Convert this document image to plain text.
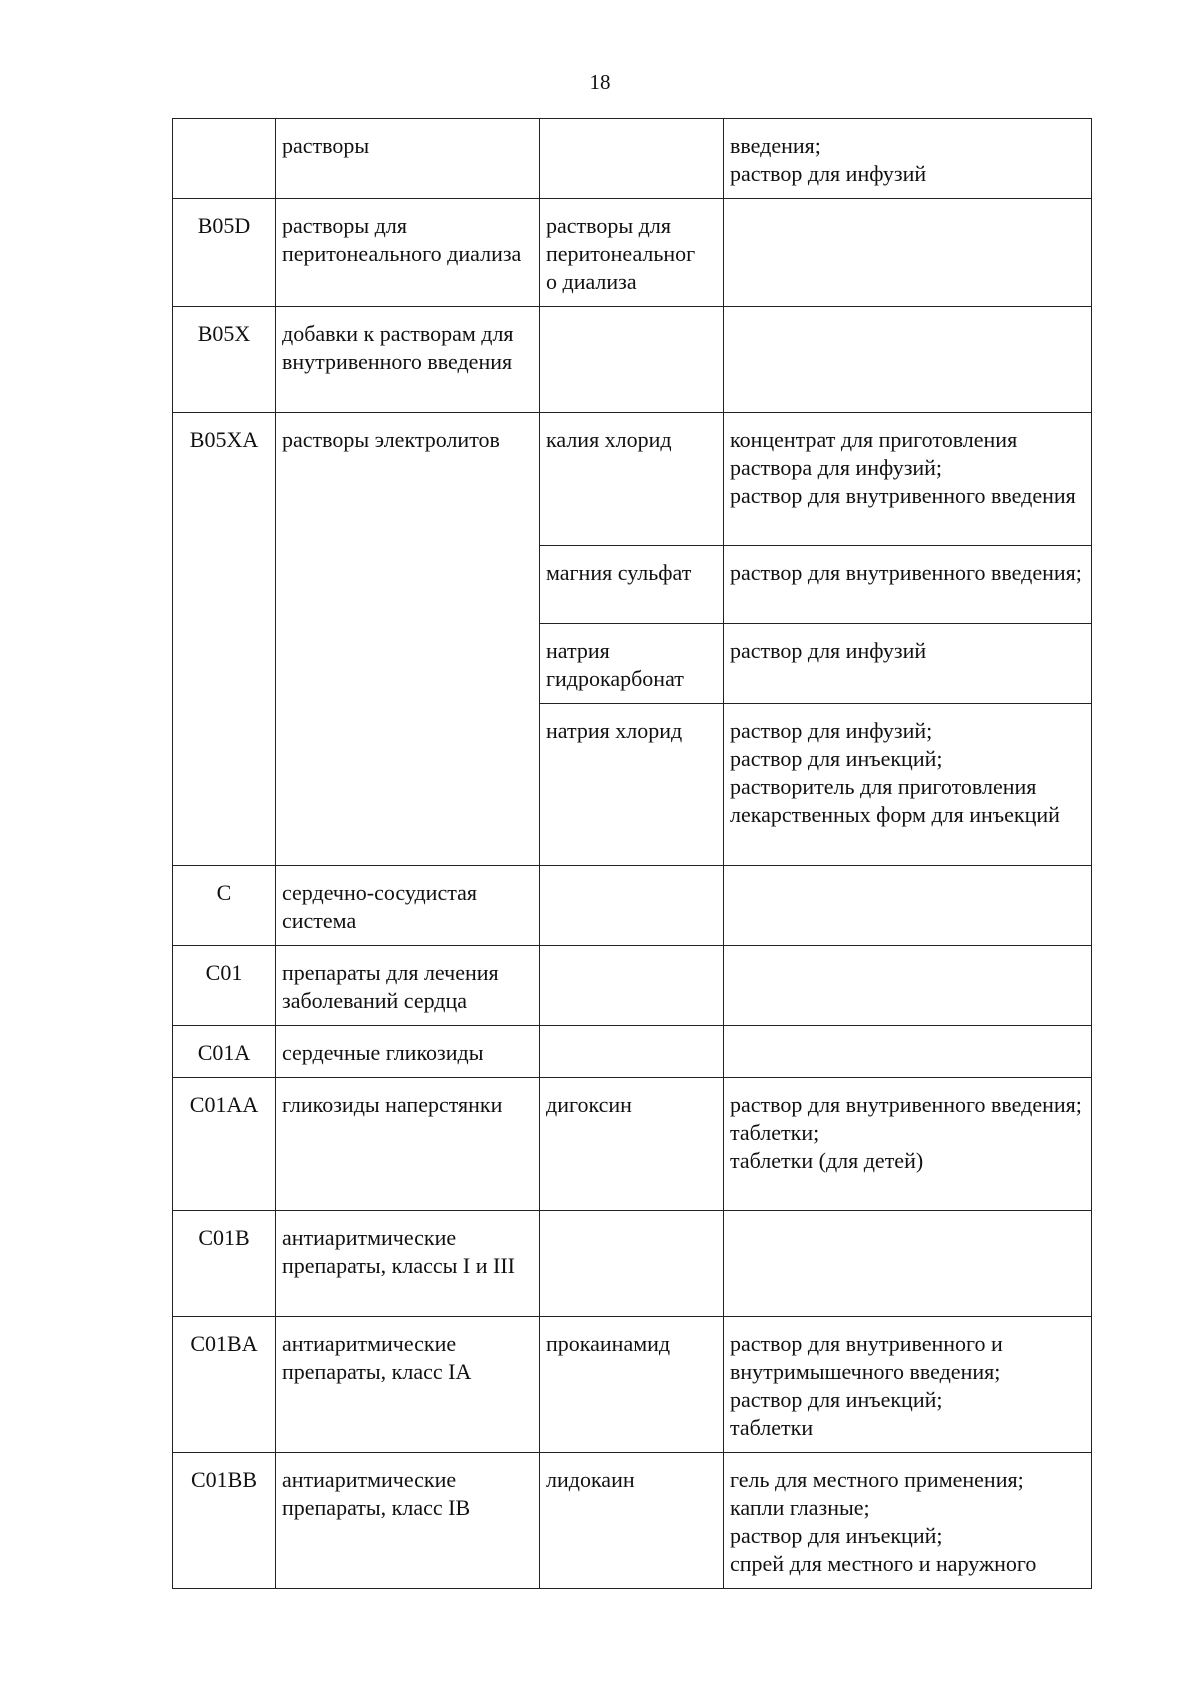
18
	растворы		введения;
раствор для инфузий
B05D	растворы для перитонеального диализа	растворы для перитонеальног
о диализа	
B05X	добавки к растворам для внутривенного введения		
B05XA	растворы электролитов	калия хлорид	концентрат для приготовления раствора для инфузий;
раствор для внутривенного введения
		магния сульфат	раствор для внутривенного введения;
		натрия гидрокарбонат	раствор для инфузий
		натрия хлорид	раствор для инфузий;
раствор для инъекций;
растворитель для приготовления лекарственных форм для инъекций
C	сердечно-сосудистая система		
C01	препараты для лечения заболеваний сердца		
C01A	сердечные гликозиды		
C01AA	гликозиды наперстянки	дигоксин	раствор для внутривенного введения;
таблетки;
таблетки (для детей)
C01B	антиаритмические препараты, классы I и III		
C01BA	антиаритмические препараты, класс IA	прокаинамид	раствор для внутривенного и внутримышечного введения;
раствор для инъекций;
таблетки
C01BB	антиаритмические препараты, класс IB	лидокаин	гель для местного применения;
капли глазные;
раствор для инъекций;
спрей для местного и наружного
